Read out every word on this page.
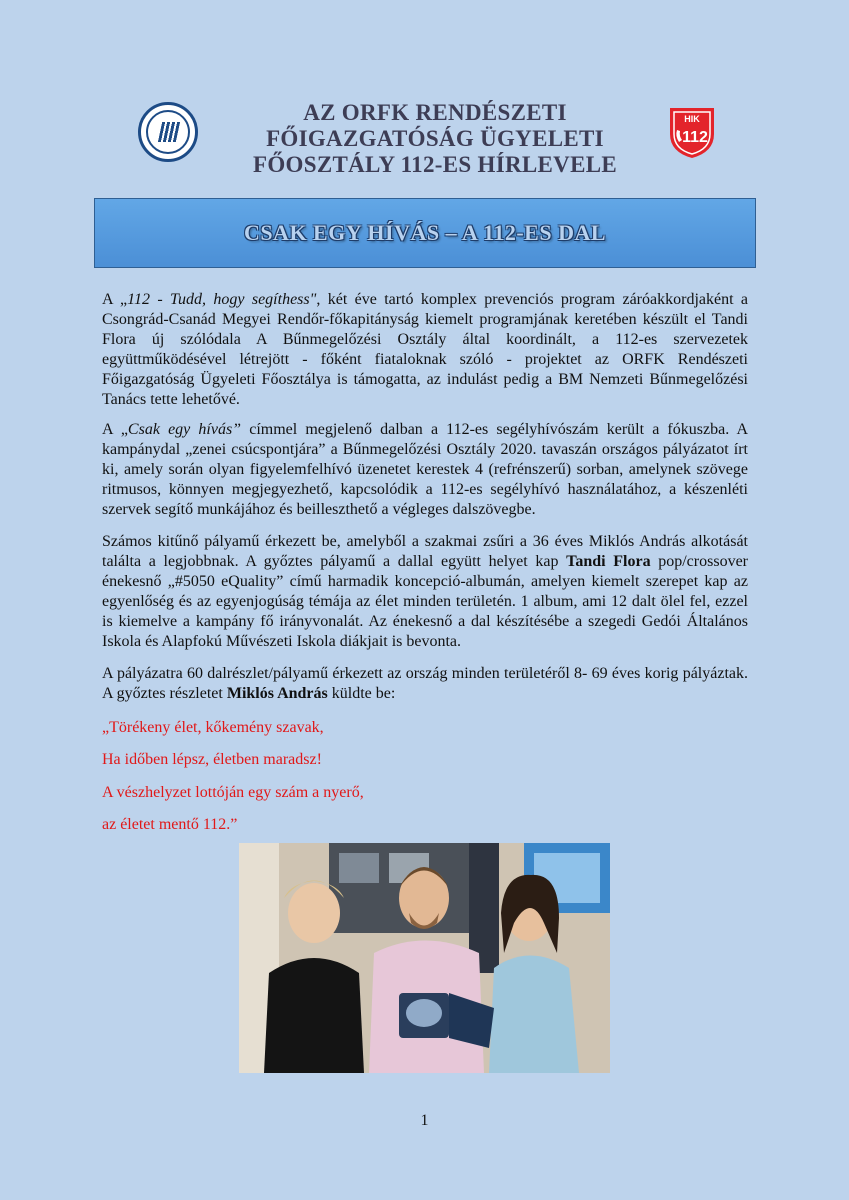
AZ ORFK RENDÉSZETI
FŐIGAZGATÓSÁG ÜGYELETI
FŐOSZTÁLY 112-ES HÍRLEVELE
HIK
112
CSAK EGY HÍVÁS – A 112-ES DAL

A „112 - Tudd, hogy segíthess", két éve tartó komplex prevenciós program záróakkordjaként a Csongrád-Csanád Megyei Rendőr-főkapitányság kiemelt programjának keretében készült el Tandi Flora új szólódala A Bűnmegelőzési Osztály által koordinált, a 112-es szervezetek együttműködésével létrejött - főként fiataloknak szóló - projektet az ORFK Rendészeti Főigazgatóság Ügyeleti Főosztálya is támogatta, az indulást pedig a BM Nemzeti Bűnmegelőzési Tanács tette lehetővé.

A „Csak egy hívás” címmel megjelenő dalban a 112-es segélyhívószám került a fókuszba. A kampánydal „zenei csúcspontjára” a Bűnmegelőzési Osztály 2020. tavaszán országos pályázatot írt ki, amely során olyan figyelemfelhívó üzenetet kerestek 4 (refrénszerű) sorban, amelynek szövege ritmusos, könnyen megjegyezhető, kapcsolódik a 112-es segélyhívó használatához, a készenléti szervek segítő munkájához és beilleszthető a végleges dalszövegbe.

Számos kitűnő pályamű érkezett be, amelyből a szakmai zsűri a 36 éves Miklós András alkotását találta a legjobbnak. A győztes pályamű a dallal együtt helyet kap Tandi Flora pop/crossover énekesnő „#5050 eQuality” című harmadik koncepció-albumán, amelyen kiemelt szerepet kap az egyenlőség és az egyenjogúság témája az élet minden területén. 1 album, ami 12 dalt ölel fel, ezzel is kiemelve a kampány fő irányvonalát. Az énekesnő a dal készítésébe a szegedi Gedói Általános Iskola és Alapfokú Művészeti Iskola diákjait is bevonta.

A pályázatra 60 dalrészlet/pályamű érkezett az ország minden területéről 8- 69 éves korig pályáztak. A győztes részletet Miklós András küldte be:

„Törékeny élet, kőkemény szavak,
Ha időben lépsz, életben maradsz!
A vészhelyzet lottóján egy szám a nyerő,
az életet mentő 112.”
1
